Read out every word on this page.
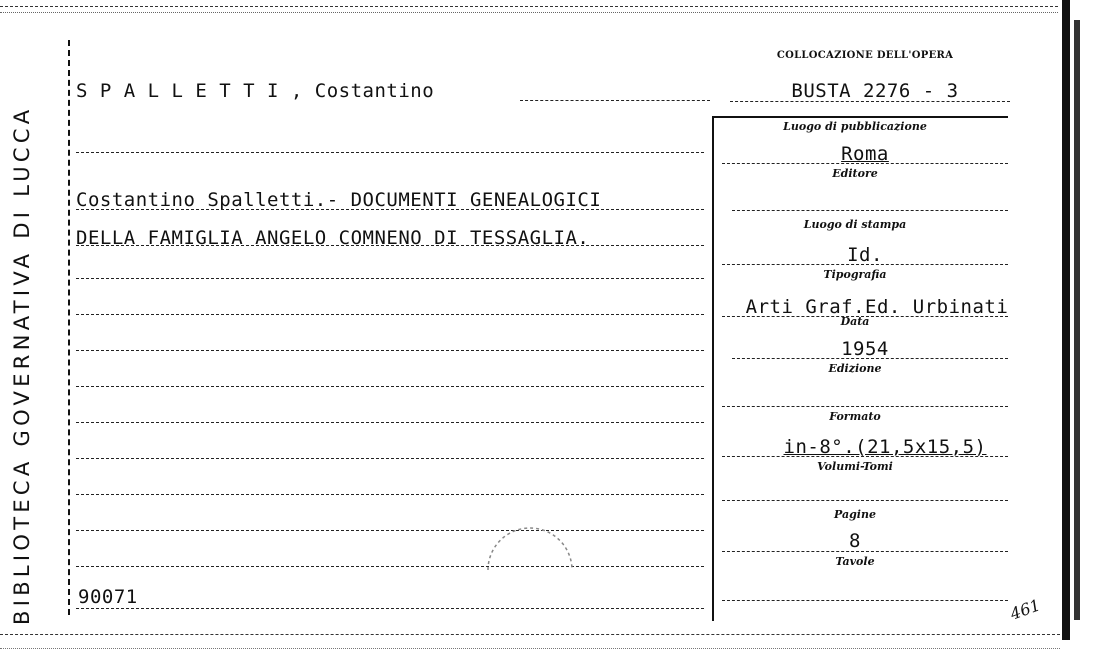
BIBLIOTECA GOVERNATIVA DI LUCCA
S P A L L E T T I , Costantino
Costantino Spalletti.- DOCUMENTI GENEALOGICI
DELLA FAMIGLIA ANGELO COMNENO DI TESSAGLIA.
90071
COLLOCAZIONE DELL'OPERA
BUSTA 2276 - 3
Luogo di pubblicazione
Roma
Editore
Luogo di stampa
Id.
Tipografia
Arti Graf.Ed. Urbinati
Data
1954
Edizione
Formato
in-8°.(21,5x15,5)
Volumi-Tomi
Pagine
8
Tavole
461
